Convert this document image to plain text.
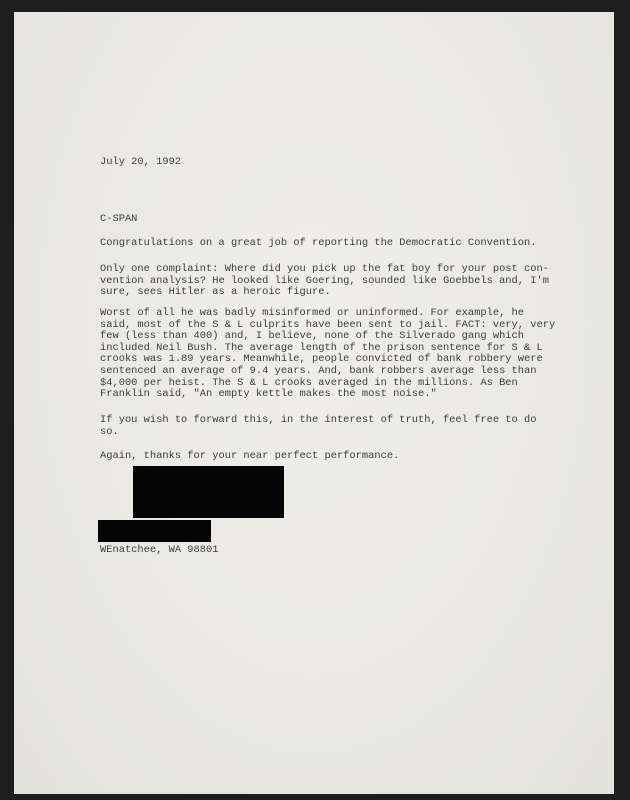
July 20, 1992
C-SPAN
Congratulations on a great job of reporting the Democratic Convention.
Only one complaint: Where did you pick up the fat boy for your post con-
vention analysis? He looked like Goering, sounded like Goebbels and, I'm
sure, sees Hitler as a heroic figure.
Worst of all he was badly misinformed or uninformed. For example, he
said, most of the S & L culprits have been sent to jail. FACT: very, very
few (less than 400) and, I believe, none of the Silverado gang which
included Neil Bush. The average length of the prison sentence for S & L
crooks was 1.89 years. Meanwhile, people convicted of bank robbery were
sentenced an average of 9.4 years. And, bank robbers average less than
$4,000 per heist. The S & L crooks averaged in the millions. As Ben
Franklin said, "An empty kettle makes the most noise."
If you wish to forward this, in the interest of truth, feel free to do
so.
Again, thanks for your near perfect performance.
WEnatchee, WA 98801
